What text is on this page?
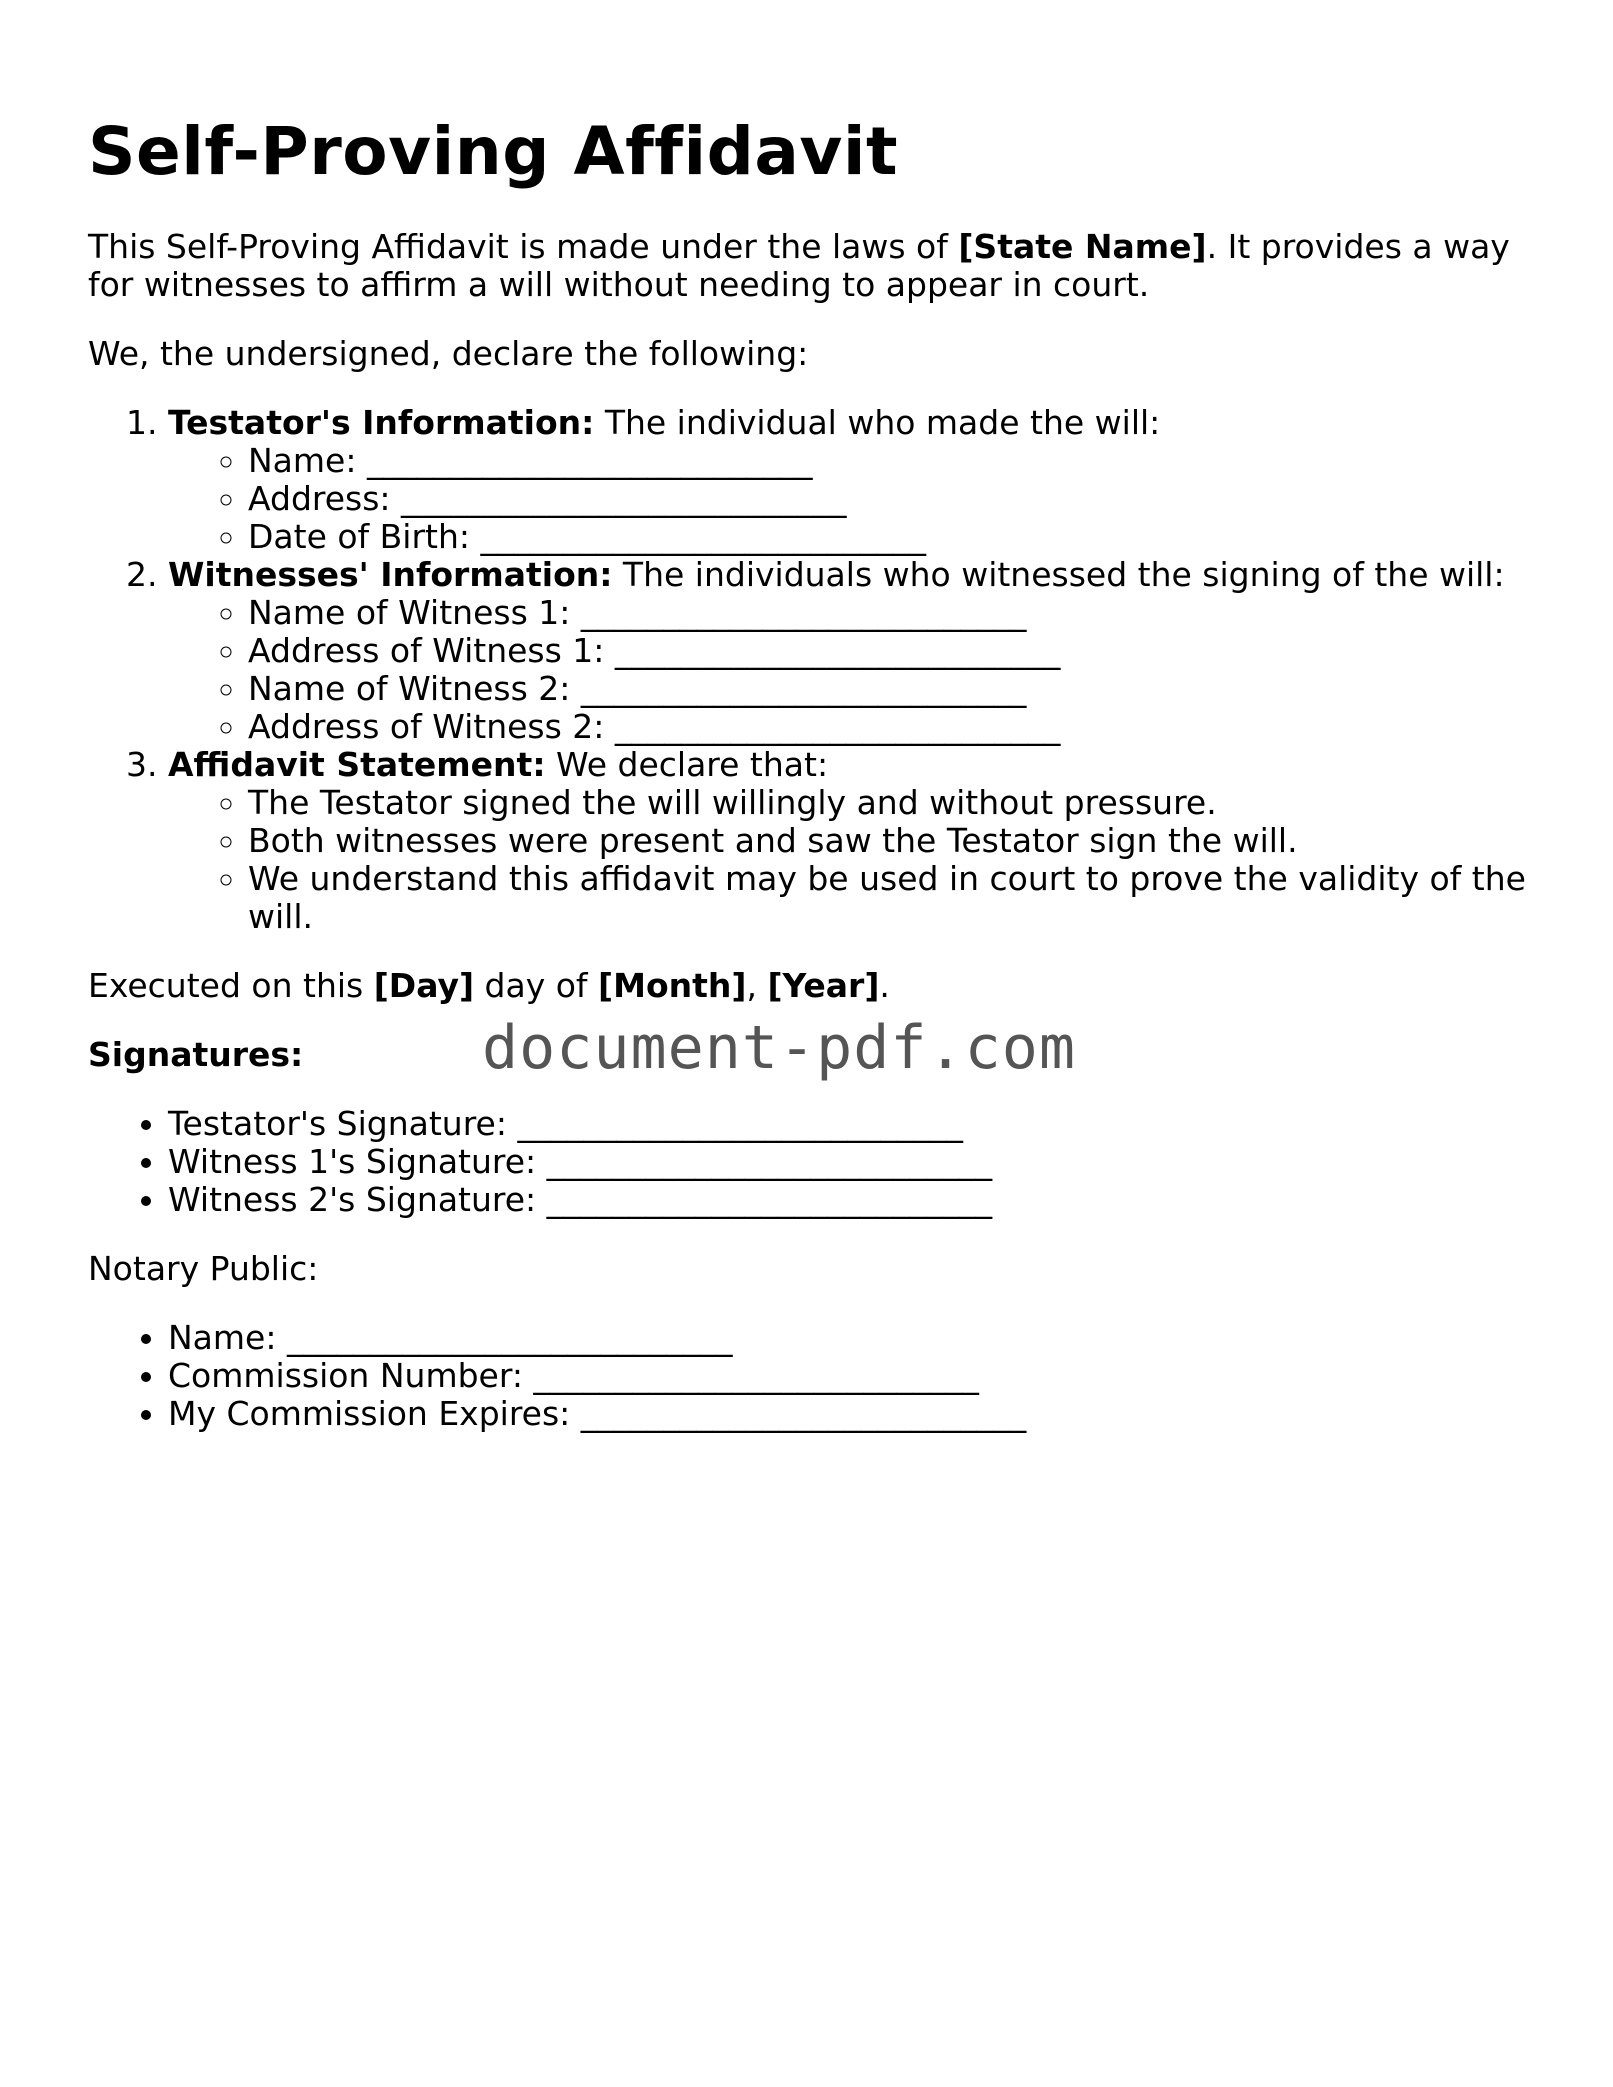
Self-Proving Affidavit

This Self-Proving Affidavit is made under the laws of [State Name]. It provides a way for witnesses to affirm a will without needing to appear in court.

We, the undersigned, declare the following:

1. Testator's Information: The individual who made the will:
◦ Name: ___________________________
◦ Address: ___________________________
◦ Date of Birth: ___________________________
2. Witnesses' Information: The individuals who witnessed the signing of the will:
◦ Name of Witness 1: ___________________________
◦ Address of Witness 1: ___________________________
◦ Name of Witness 2: ___________________________
◦ Address of Witness 2: ___________________________
3. Affidavit Statement: We declare that:
◦ The Testator signed the will willingly and without pressure.
◦ Both witnesses were present and saw the Testator sign the will.
◦ We understand this affidavit may be used in court to prove the validity of the will.

Executed on this [Day] day of [Month], [Year].

Signatures:

• Testator's Signature: ___________________________
• Witness 1's Signature: ___________________________
• Witness 2's Signature: ___________________________

Notary Public:

• Name: ___________________________
• Commission Number: ___________________________
• My Commission Expires: ___________________________
document-pdf.com
